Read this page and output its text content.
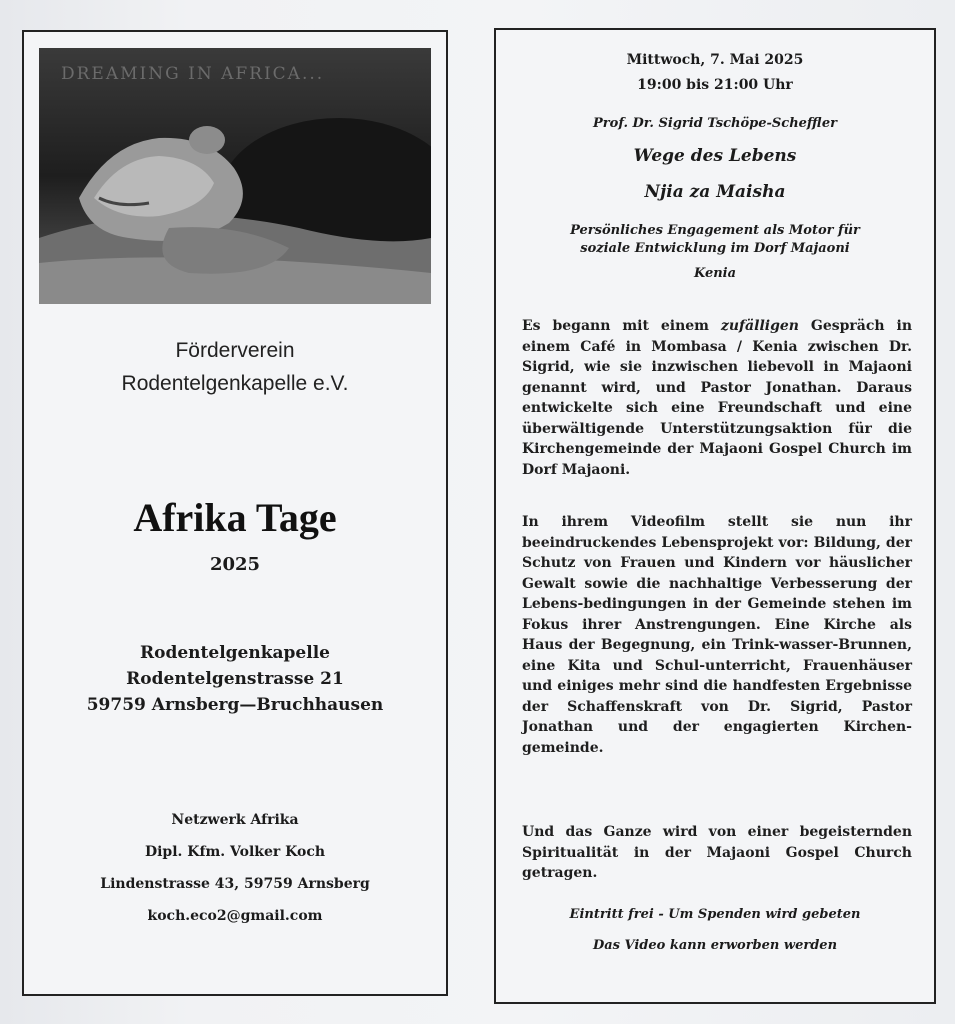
DREAMING IN AFRICA...
Förderverein
Rodentelgenkapelle e.V.
Afrika Tage
2025
Rodentelgenkapelle
Rodentelgenstrasse 21
59759 Arnsberg—Bruchhausen
Netzwerk Afrika
Dipl. Kfm. Volker Koch
Lindenstrasse 43, 59759 Arnsberg
koch.eco2@gmail.com
Mittwoch, 7. Mai 2025
19:00 bis 21:00 Uhr
Prof. Dr. Sigrid Tschöpe-Scheffler
Wege des Lebens
Njia za Maisha
Persönliches Engagement als Motor für
soziale Entwicklung im Dorf Majaoni
Kenia
Es begann mit einem zufälligen Gespräch in einem Café in Mombasa / Kenia zwischen Dr. Sigrid, wie sie inzwischen liebevoll in Majaoni genannt wird, und Pastor Jonathan. Daraus entwickelte sich eine Freundschaft und eine überwältigende Unterstützungsaktion für die Kirchengemeinde der Majaoni Gospel Church im Dorf Majaoni.
In ihrem Videofilm stellt sie nun ihr beeindruckendes Lebensprojekt vor: Bildung, der Schutz von Frauen und Kindern vor häuslicher Gewalt sowie die nachhaltige Verbesserung der Lebens-bedingungen in der Gemeinde stehen im Fokus ihrer Anstrengungen. Eine Kirche als Haus der Begegnung, ein Trink-wasser-Brunnen, eine Kita und Schul-unterricht, Frauenhäuser und einiges mehr sind die handfesten Ergebnisse der Schaffenskraft von Dr. Sigrid, Pastor Jonathan und der engagierten Kirchen-gemeinde.
Und das Ganze wird von einer begeisternden Spiritualität in der Majaoni Gospel Church getragen.
Eintritt frei - Um Spenden wird gebeten
Das Video kann erworben werden
